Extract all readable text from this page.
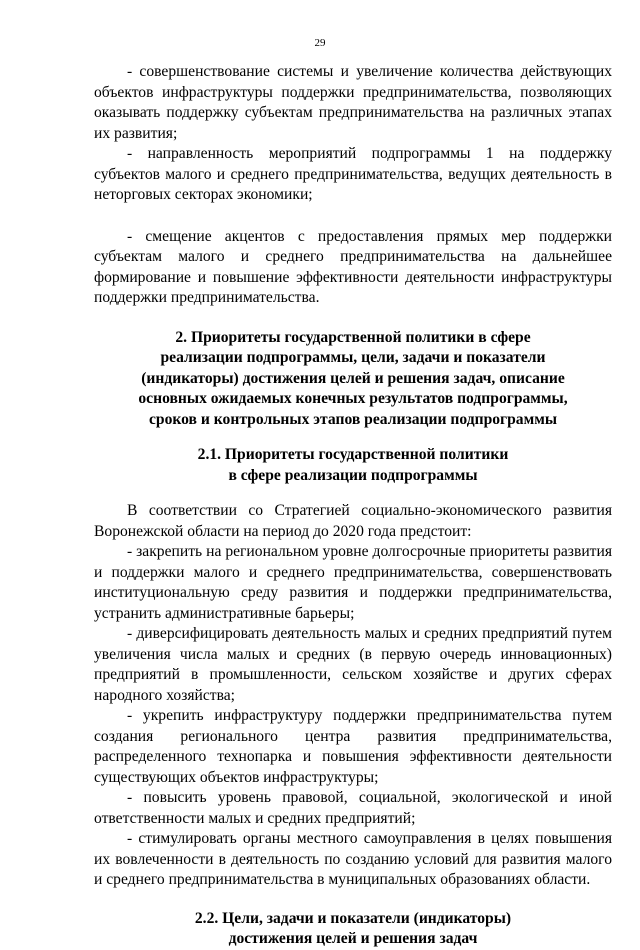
29

- совершенствование системы и увеличение количества действующих объектов инфраструктуры поддержки предпринимательства, позволяющих оказывать поддержку субъектам предпринимательства на различных этапах их развития;

- направленность мероприятий подпрограммы 1 на поддержку субъектов малого и среднего предпринимательства, ведущих деятельность в неторговых секторах экономики;

- смещение акцентов с предоставления прямых мер поддержки субъектам малого и среднего предпринимательства на дальнейшее формирование и повышение эффективности деятельности инфраструктуры поддержки предпринимательства.

2. Приоритеты государственной политики в сфере
реализации подпрограммы, цели, задачи и показатели
(индикаторы) достижения целей и решения задач, описание
основных ожидаемых конечных результатов подпрограммы,
сроков и контрольных этапов реализации подпрограммы
2.1. Приоритеты государственной политики
в сфере реализации подпрограммы

В соответствии со Стратегией социально-экономического развития Воронежской области на период до 2020 года предстоит:

- закрепить на региональном уровне долгосрочные приоритеты развития и поддержки малого и среднего предпринимательства, совершенствовать институциональную среду развития и поддержки предпринимательства, устранить административные барьеры;

- диверсифицировать деятельность малых и средних предприятий путем увеличения числа малых и средних (в первую очередь инновационных) предприятий в промышленности, сельском хозяйстве и других сферах народного хозяйства;

- укрепить инфраструктуру поддержки предпринимательства путем создания регионального центра развития предпринимательства, распределенного технопарка и повышения эффективности деятельности существующих объектов инфраструктуры;

- повысить уровень правовой, социальной, экологической и иной ответственности малых и средних предприятий;

- стимулировать органы местного самоуправления в целях повышения их вовлеченности в деятельность по созданию условий для развития малого и среднего предпринимательства в муниципальных образованиях области.

2.2. Цели, задачи и показатели (индикаторы)
достижения целей и решения задач
